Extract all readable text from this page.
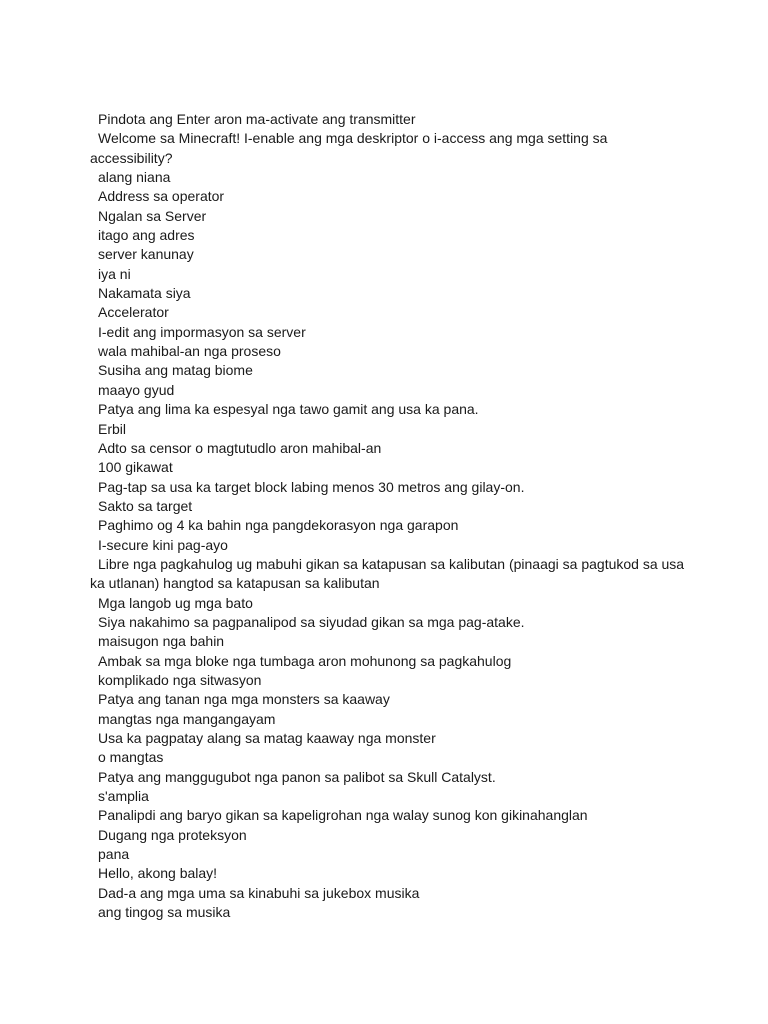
Pindota ang Enter aron ma-activate ang transmitter
Welcome sa Minecraft! I-enable ang mga deskriptor o i-access ang mga setting sa
accessibility?
alang niana
Address sa operator
Ngalan sa Server
itago ang adres
server kanunay
iya ni
Nakamata siya
Accelerator
I-edit ang impormasyon sa server
wala mahibal-an nga proseso
Susiha ang matag biome
maayo gyud
Patya ang lima ka espesyal nga tawo gamit ang usa ka pana.
Erbil
Adto sa censor o magtutudlo aron mahibal-an
100 gikawat
Pag-tap sa usa ka target block labing menos 30 metros ang gilay-on.
Sakto sa target
Paghimo og 4 ka bahin nga pangdekorasyon nga garapon
I-secure kini pag-ayo
Libre nga pagkahulog ug mabuhi gikan sa katapusan sa kalibutan (pinaagi sa pagtukod sa usa
ka utlanan) hangtod sa katapusan sa kalibutan
Mga langob ug mga bato
Siya nakahimo sa pagpanalipod sa siyudad gikan sa mga pag-atake.
maisugon nga bahin
Ambak sa mga bloke nga tumbaga aron mohunong sa pagkahulog
komplikado nga sitwasyon
Patya ang tanan nga mga monsters sa kaaway
mangtas nga mangangayam
Usa ka pagpatay alang sa matag kaaway nga monster
o mangtas
Patya ang manggugubot nga panon sa palibot sa Skull Catalyst.
s'amplia
Panalipdi ang baryo gikan sa kapeligrohan nga walay sunog kon gikinahanglan
Dugang nga proteksyon
pana
Hello, akong balay!
Dad-a ang mga uma sa kinabuhi sa jukebox musika
ang tingog sa musika
